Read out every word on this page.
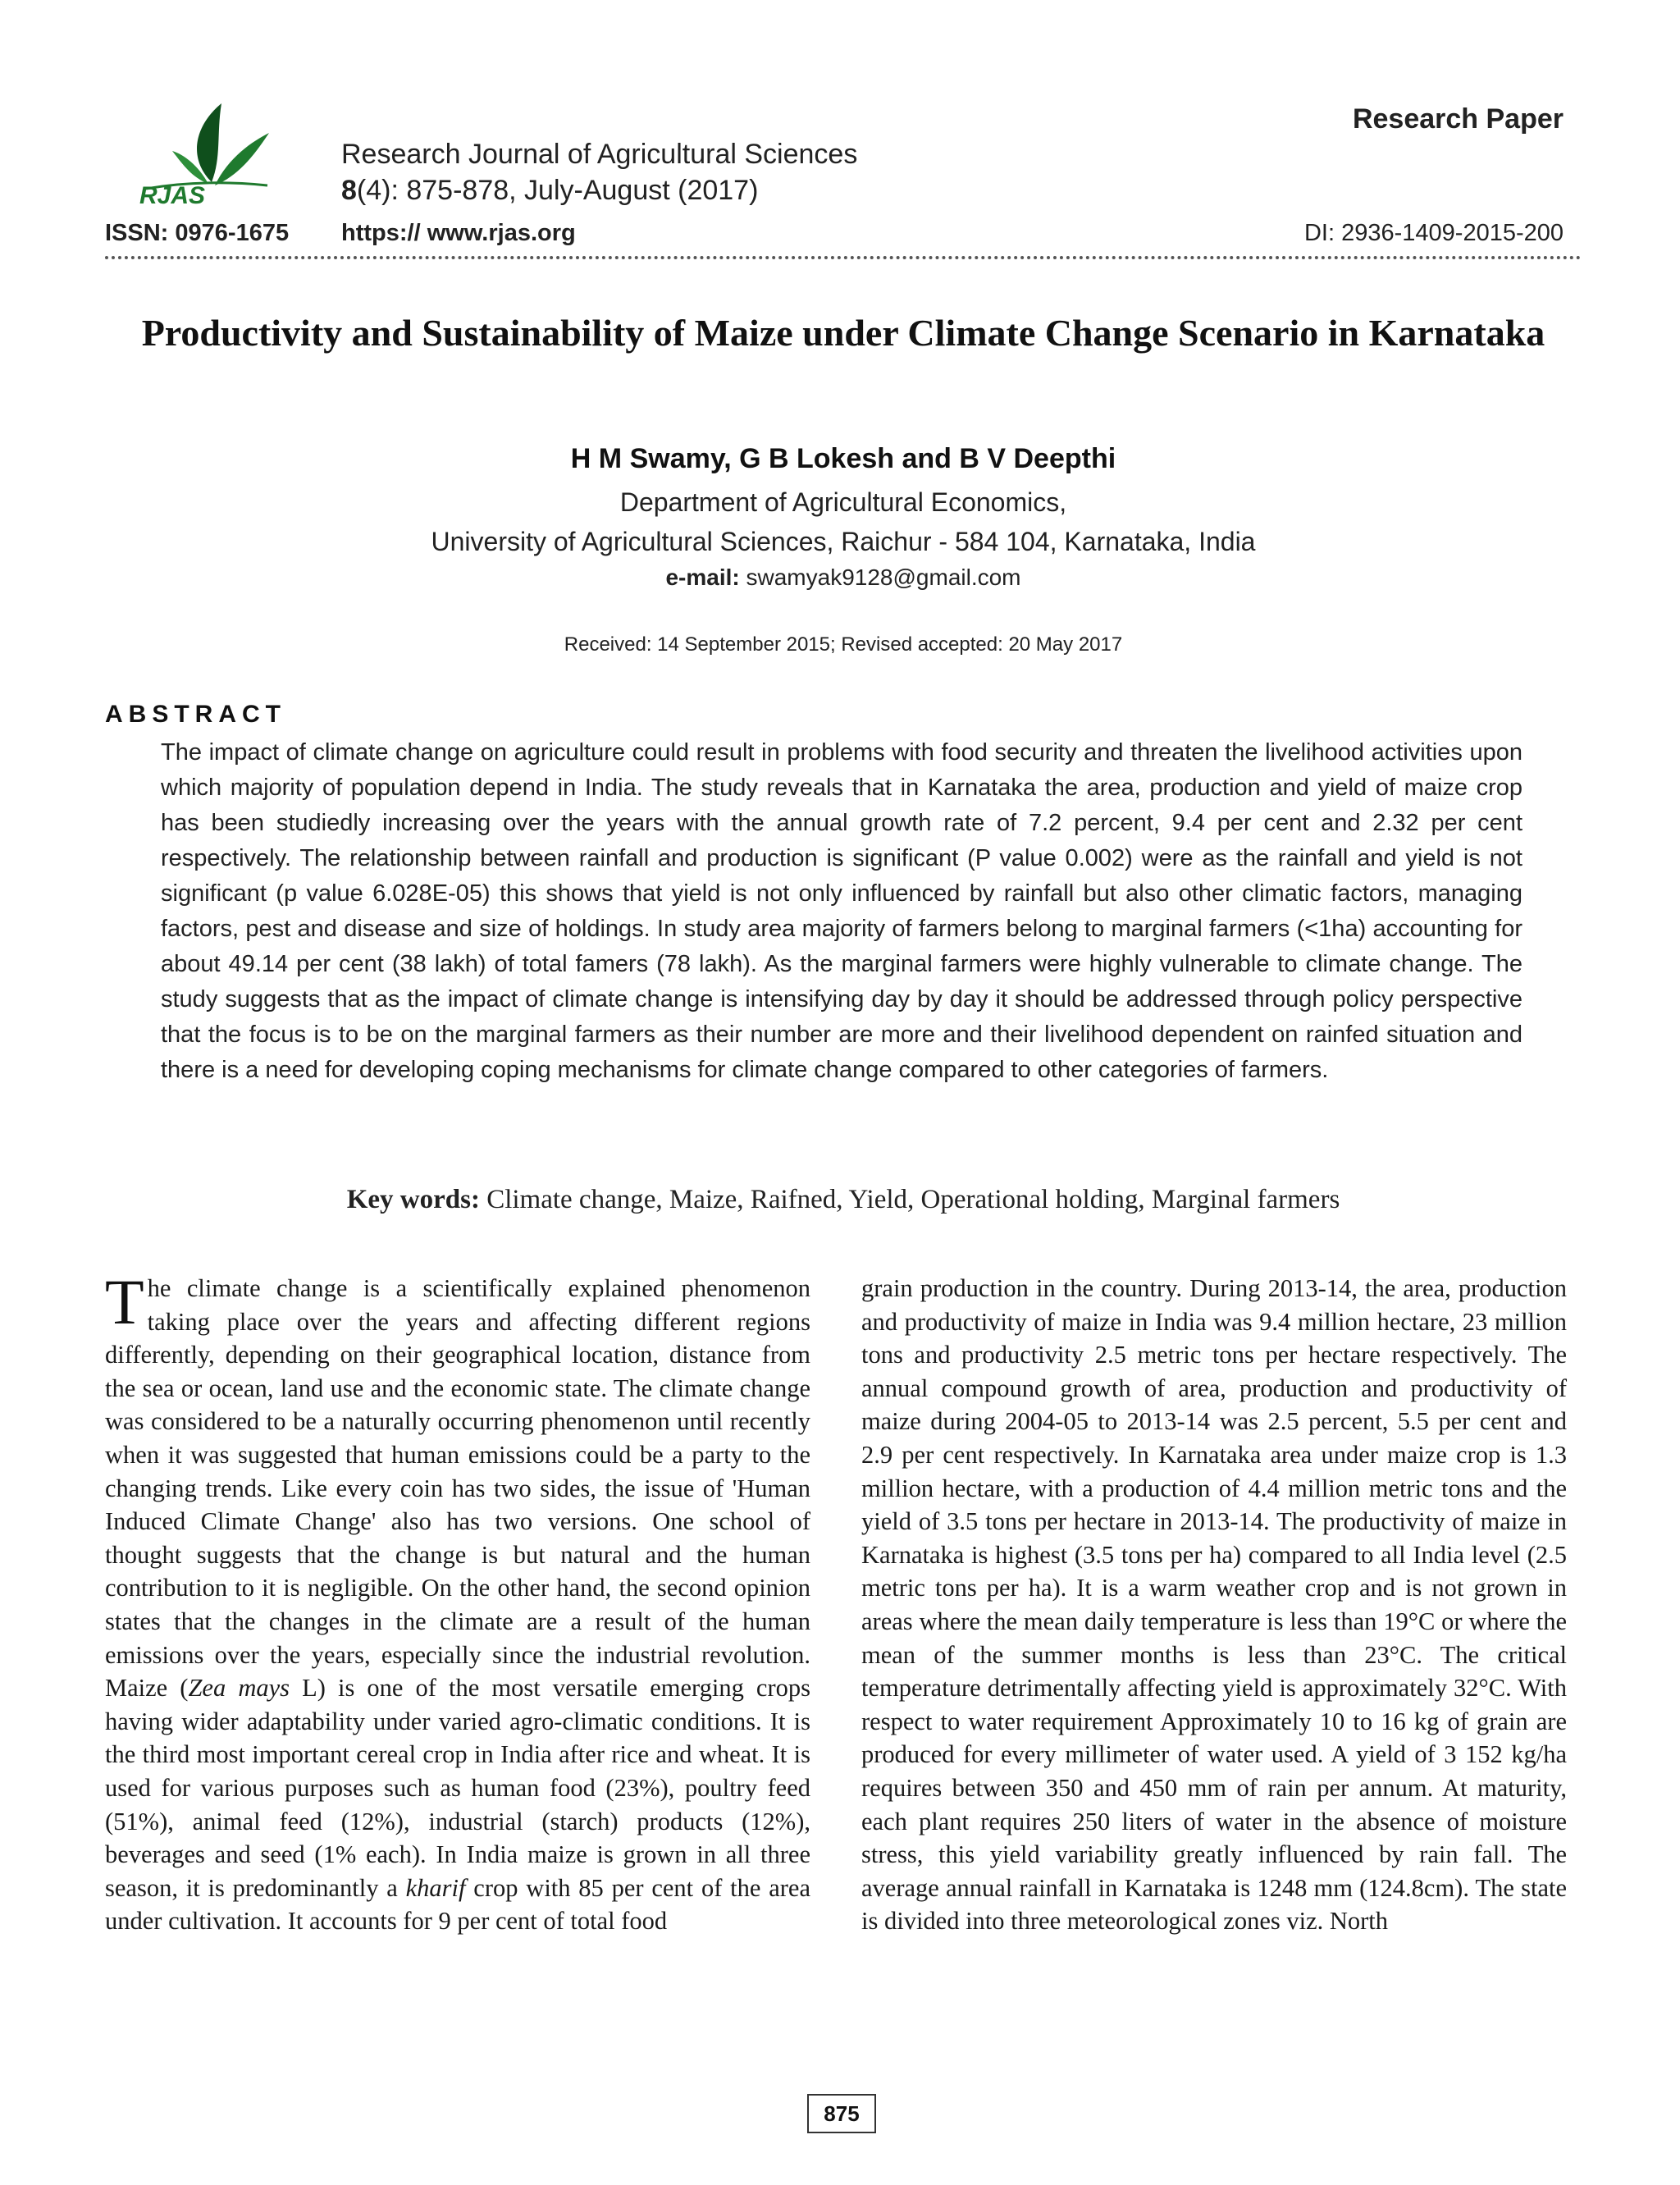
RJAS
Research Journal of Agricultural Sciences
8(4): 875-878, July-August (2017)
Research Paper
ISSN: 0976-1675 https:// www.rjas.org	DI: 2936-1409-2015-200
Productivity and Sustainability of Maize under Climate Change Scenario in Karnataka
H M Swamy, G B Lokesh and B V Deepthi
Department of Agricultural Economics,
University of Agricultural Sciences, Raichur - 584 104, Karnataka, India
e-mail: swamyak9128@gmail.com
Received: 14 September 2015; Revised accepted: 20 May 2017
ABSTRACT

The impact of climate change on agriculture could result in problems with food security and threaten the livelihood activities upon which majority of population depend in India. The study reveals that in Karnataka the area, production and yield of maize crop has been studiedly increasing over the years with the annual growth rate of 7.2 percent, 9.4 per cent and 2.32 per cent respectively. The relationship between rainfall and production is significant (P value 0.002) were as the rainfall and yield is not significant (p value 6.028E-05) this shows that yield is not only influenced by rainfall but also other climatic factors, managing factors, pest and disease and size of holdings. In study area majority of farmers belong to marginal farmers (<1ha) accounting for about 49.14 per cent (38 lakh) of total famers (78 lakh). As the marginal farmers were highly vulnerable to climate change. The study suggests that as the impact of climate change is intensifying day by day it should be addressed through policy perspective that the focus is to be on the marginal farmers as their number are more and their livelihood dependent on rainfed situation and there is a need for developing coping mechanisms for climate change compared to other categories of farmers.

Key words: Climate change, Maize, Raifned, Yield, Operational holding, Marginal farmers

The climate change is a scientifically explained phenomenon taking place over the years and affecting different regions differently, depending on their geographical location, distance from the sea or ocean, land use and the economic state. The climate change was considered to be a naturally occurring phenomenon until recently when it was suggested that human emissions could be a party to the changing trends. Like every coin has two sides, the issue of 'Human Induced Climate Change' also has two versions. One school of thought suggests that the change is but natural and the human contribution to it is negligible. On the other hand, the second opinion states that the changes in the climate are a result of the human emissions over the years, especially since the industrial revolution. Maize (Zea mays L) is one of the most versatile emerging crops having wider adaptability under varied agro-climatic conditions. It is the third most important cereal crop in India after rice and wheat. It is used for various purposes such as human food (23%), poultry feed (51%), animal feed (12%), industrial (starch) products (12%), beverages and seed (1% each). In India maize is grown in all three season, it is predominantly a kharif crop with 85 per cent of the area under cultivation. It accounts for 9 per cent of total food

grain production in the country. During 2013-14, the area, production and productivity of maize in India was 9.4 million hectare, 23 million tons and productivity 2.5 metric tons per hectare respectively. The annual compound growth of area, production and productivity of maize during 2004-05 to 2013-14 was 2.5 percent, 5.5 per cent and 2.9 per cent respectively. In Karnataka area under maize crop is 1.3 million hectare, with a production of 4.4 million metric tons and the yield of 3.5 tons per hectare in 2013-14. The productivity of maize in Karnataka is highest (3.5 tons per ha) compared to all India level (2.5 metric tons per ha). It is a warm weather crop and is not grown in areas where the mean daily temperature is less than 19°C or where the mean of the summer months is less than 23°C. The critical temperature detrimentally affecting yield is approximately 32°C. With respect to water requirement Approximately 10 to 16 kg of grain are produced for every millimeter of water used. A yield of 3 152 kg/ha requires between 350 and 450 mm of rain per annum. At maturity, each plant requires 250 liters of water in the absence of moisture stress, this yield variability greatly influenced by rain fall. The average annual rainfall in Karnataka is 1248 mm (124.8cm). The state is divided into three meteorological zones viz. North

875
